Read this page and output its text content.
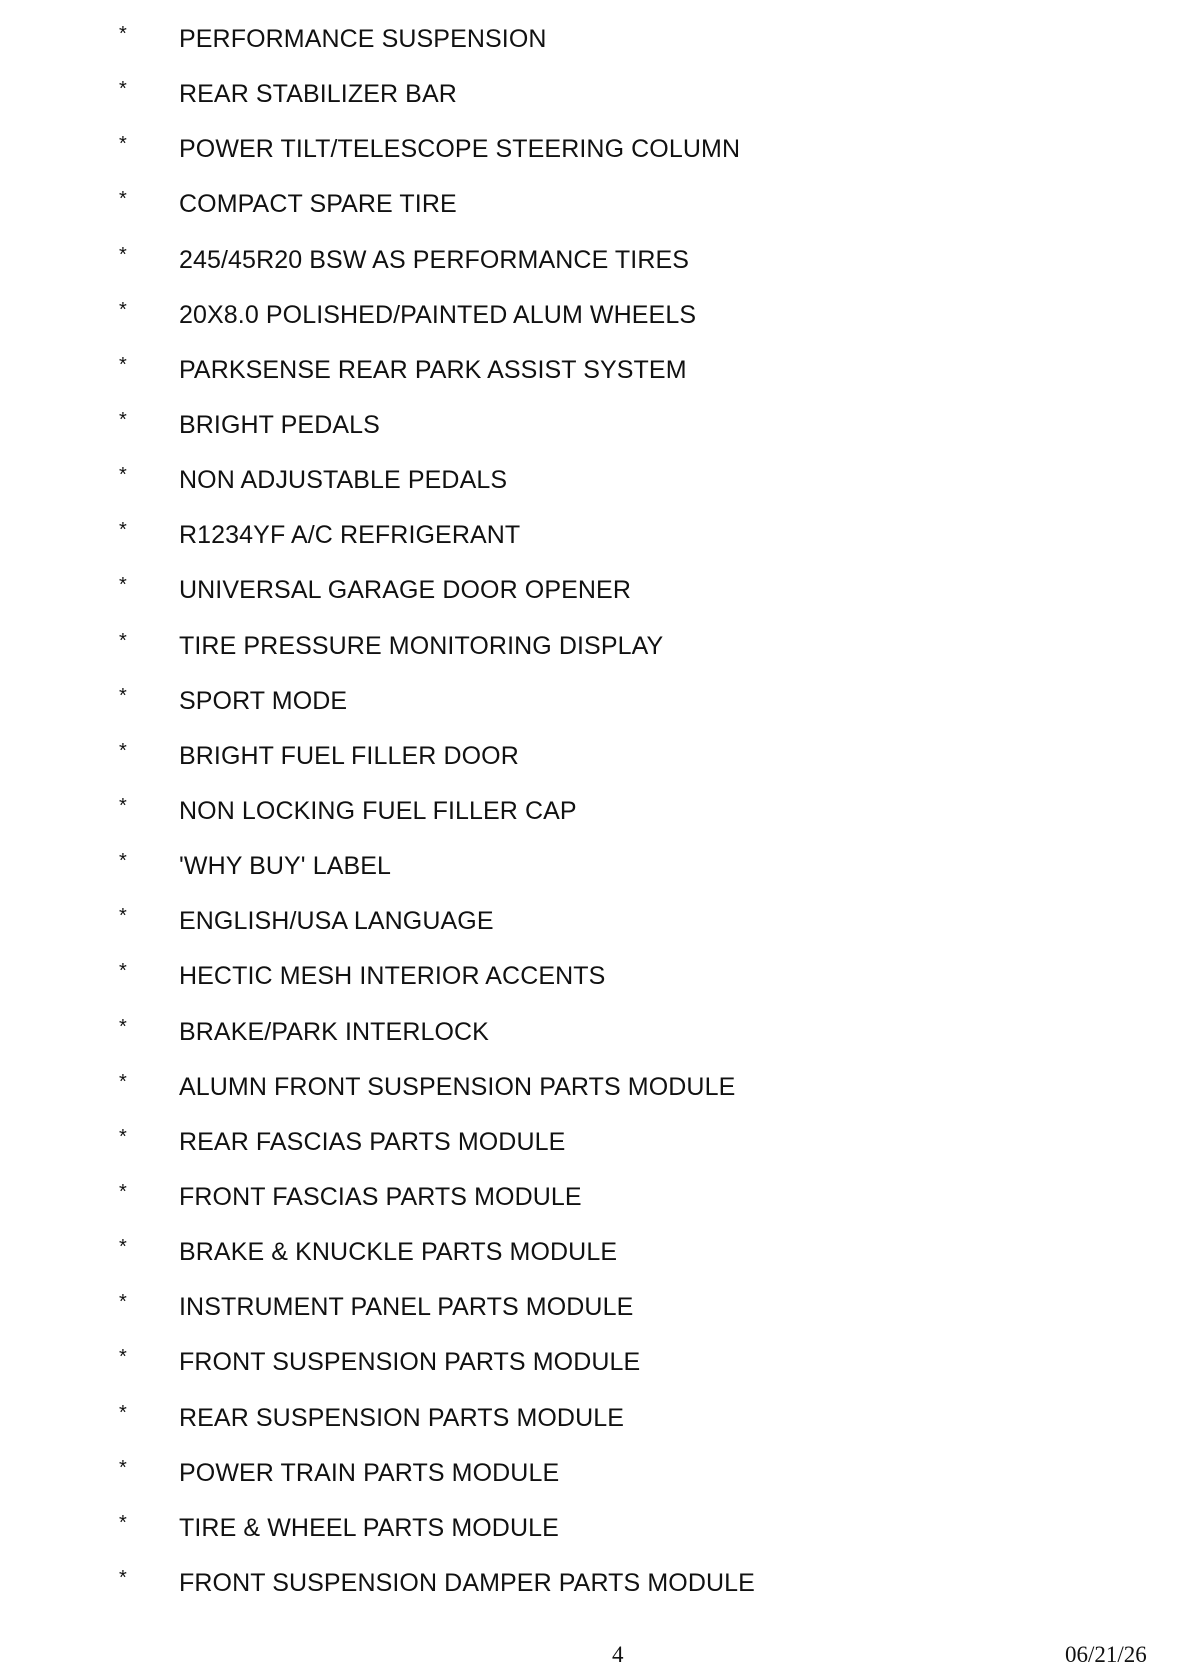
* PERFORMANCE SUSPENSION
* REAR STABILIZER BAR
* POWER TILT/TELESCOPE STEERING COLUMN
* COMPACT SPARE TIRE
* 245/45R20 BSW AS PERFORMANCE TIRES
* 20X8.0 POLISHED/PAINTED ALUM WHEELS
* PARKSENSE REAR PARK ASSIST SYSTEM
* BRIGHT PEDALS
* NON ADJUSTABLE PEDALS
* R1234YF A/C REFRIGERANT
* UNIVERSAL GARAGE DOOR OPENER
* TIRE PRESSURE MONITORING DISPLAY
* SPORT MODE
* BRIGHT FUEL FILLER DOOR
* NON LOCKING FUEL FILLER CAP
* 'WHY BUY' LABEL
* ENGLISH/USA LANGUAGE
* HECTIC MESH INTERIOR ACCENTS
* BRAKE/PARK INTERLOCK
* ALUMN FRONT SUSPENSION PARTS MODULE
* REAR FASCIAS PARTS MODULE
* FRONT FASCIAS PARTS MODULE
* BRAKE & KNUCKLE PARTS MODULE
* INSTRUMENT PANEL PARTS MODULE
* FRONT SUSPENSION PARTS MODULE
* REAR SUSPENSION PARTS MODULE
* POWER TRAIN PARTS MODULE
* TIRE & WHEEL PARTS MODULE
* FRONT SUSPENSION DAMPER PARTS MODULE
4	06/21/26
